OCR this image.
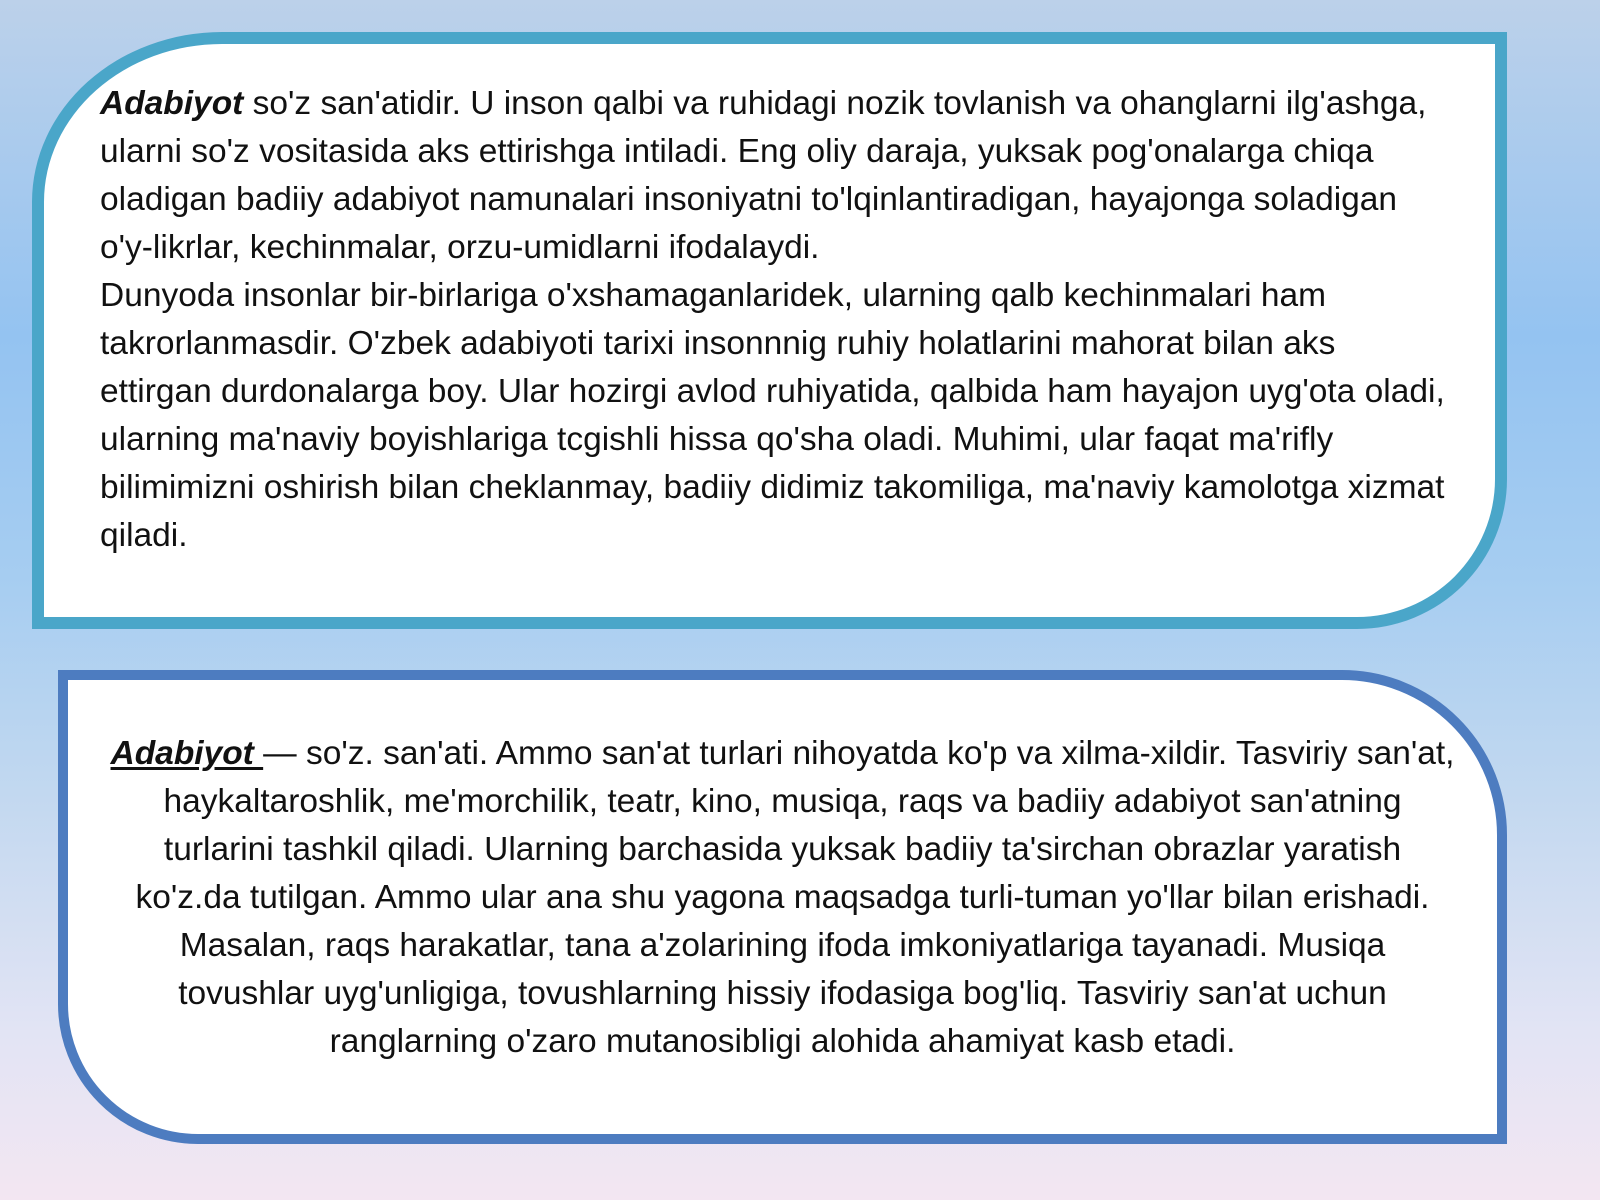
Adabiyot so'z san'atidir. U inson qalbi va ruhidagi nozik tovlanish va ohanglarni ilg'ashga, ularni so'z vositasida aks ettirishga intiladi. Eng oliy daraja, yuksak pog'onalarga chiqa oladigan badiiy adabiyot namunalari insoniyatni to'lqinlantiradigan, hayajonga soladigan o'y-likrlar, kechinmalar, orzu-umidlarni ifodalaydi.

Dunyoda insonlar bir-birlariga o'xshamaganlaridek, ularning qalb kechinmalari ham takrorlanmasdir. O'zbek adabiyoti tarixi insonnnig ruhiy holatlarini mahorat bilan aks ettirgan durdonalarga boy. Ular hozirgi avlod ruhiyatida, qalbida ham hayajon uyg'ota oladi, ularning ma'naviy boyishlariga tcgishli hissa qo'sha oladi. Muhimi, ular faqat ma'rifly bilimimizni oshirish bilan cheklanmay, badiiy didimiz takomiliga, ma'naviy kamolotga xizmat qiladi.

Adabiyot — so'z. san'ati. Ammo san'at turlari nihoyatda ko'p va xilma-xildir. Tasviriy san'at, haykaltaroshlik, me'morchilik, teatr, kino, musiqa, raqs va badiiy adabiyot san'atning turlarini tashkil qiladi. Ularning barchasida yuksak badiiy ta'sirchan obrazlar yaratish ko'z.da tutilgan. Ammo ular ana shu yagona maqsadga turli-tuman yo'llar bilan erishadi. Masalan, raqs harakatlar, tana a'zolarining ifoda imkoniyatlariga tayanadi. Musiqa tovushlar uyg'unligiga, tovushlarning hissiy ifodasiga bog'liq. Tasviriy san'at uchun ranglarning o'zaro mutanosibligi alohida ahamiyat kasb etadi.
